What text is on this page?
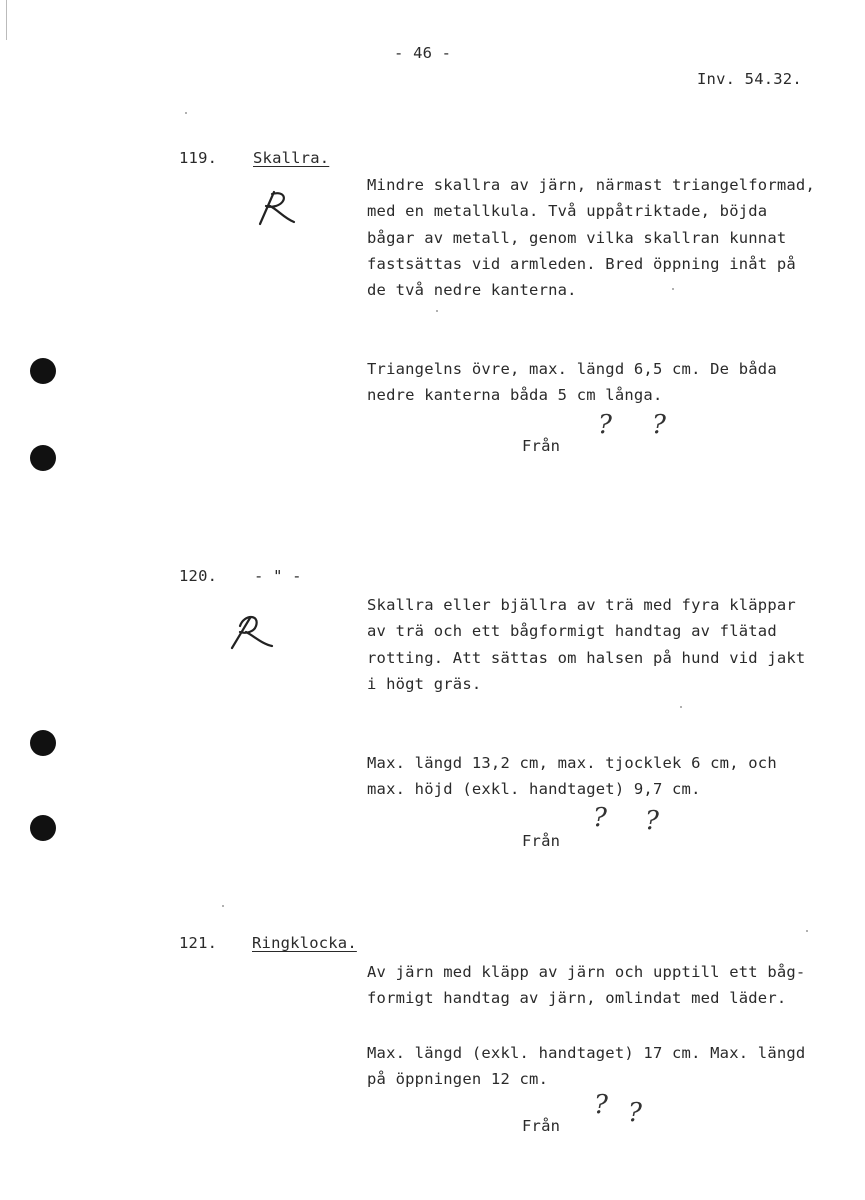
- 46 -
Inv. 54.32.
119. Skallra.
Mindre skallra av järn, närmast triangelformad,
med en metallkula. Två uppåtriktade, böjda
bågar av metall, genom vilka skallran kunnat
fastsättas vid armleden. Bred öppning inåt på
de två nedre kanterna.
Triangelns övre, max. längd 6,5 cm. De båda
nedre kanterna båda 5 cm långa.
Från
? ?
120. - " -
Skallra eller bjällra av trä med fyra kläppar
av trä och ett bågformigt handtag av flätad
rotting. Att sättas om halsen på hund vid jakt
i högt gräs.
Max. längd 13,2 cm, max. tjocklek 6 cm, och
max. höjd (exkl. handtaget) 9,7 cm.
Från
? ?
121. Ringklocka.
Av järn med kläpp av järn och upptill ett båg-
formigt handtag av järn, omlindat med läder.
Max. längd (exkl. handtaget) 17 cm. Max. längd
på öppningen 12 cm.
Från
? ?
